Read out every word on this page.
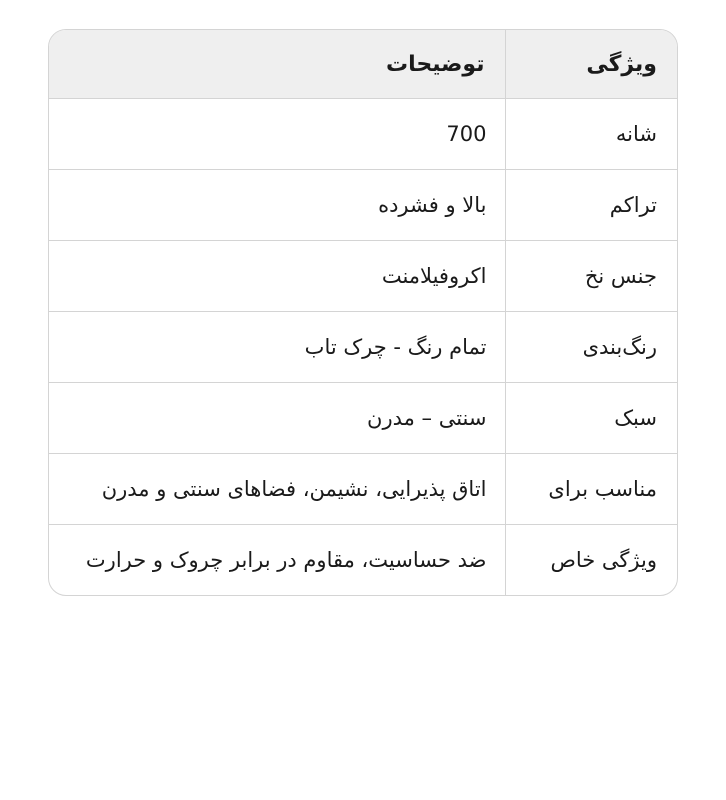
ویژگی	توضیحات
شانه	700
تراکم	بالا و فشرده
جنس نخ	اکروفیلامنت
رنگ‌بندی	تمام رنگ - چرک تاب
سبک	سنتی – مدرن
مناسب برای	اتاق پذیرایی، نشیمن، فضاهای سنتی و مدرن
ویژگی خاص	ضد حساسیت، مقاوم در برابر چروک و حرارت
